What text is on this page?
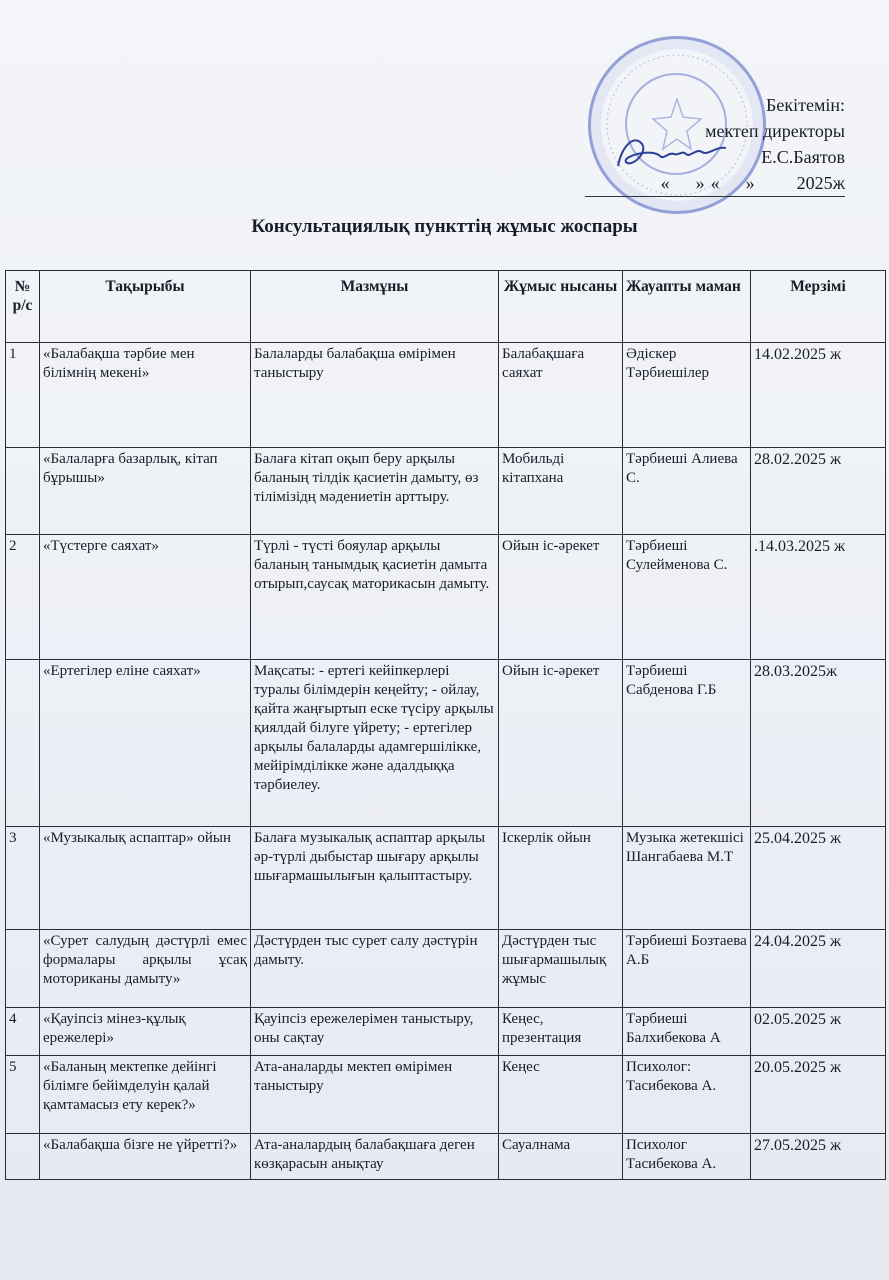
Бекітемін:
мектеп директоры
Е.С.Баятов
« » « » 2025ж
Консультациялық пункттің жұмыс жоспары
№ р/с	Тақырыбы	Мазмұны	Жұмыс нысаны	Жауапты маман	Мерзімі
1	«Балабақша тәрбие мен білімнің мекені»	Балаларды балабақша өмірімен таныстыру	Балабақшаға саяхат	Әдіскер Тәрбиешілер	14.02.2025 ж
	«Балаларға базарлық, кітап бұрышы»	Балаға кітап оқып беру арқылы баланың тілдік қасиетін дамыту, өз тілімізідң мәдениетін арттыру.	Мобильді кітапхана	Тәрбиеші Алиева С.	28.02.2025 ж
2	«Түстерге саяхат»	Түрлі - түсті бояулар арқылы баланың танымдық қасиетін дамыта отырып,саусақ маторикасын дамыту.	Ойын іс-әрекет	Тәрбиеші Сулейменова С.	.14.03.2025 ж
	«Ертегілер еліне саяхат»	Мақсаты: - ертегі кейіпкерлері туралы білімдерін кеңейту; - ойлау, қайта жаңғыртып еске түсіру арқылы қиялдай білуге үйрету; - ертегілер арқылы балаларды адамгершілікке, мейірімділікке және адалдыққа тәрбиелеу.	Ойын іс-әрекет	Тәрбиеші Сабденова Г.Б	28.03.2025ж
3	«Музыкалық аспаптар» ойын	Балаға музыкалық аспаптар арқылы әр-түрлі дыбыстар шығару арқылы шығармашылығын қалыптастыру.	Іскерлік ойын	Музыка жетекшісі Шангабаева М.Т	25.04.2025 ж
	«Сурет салудың дәстүрлі емес формалары арқылы ұсақ моториканы дамыту»	Дәстүрден тыс сурет салу дәстүрін дамыту.	Дәстүрден тыс шығармашылық жұмыс	Тәрбиеші Бозтаева А.Б	24.04.2025 ж
4	«Қауіпсіз мінез-құлық ережелері»	Қауіпсіз ережелерімен таныстыру, оны сақтау	Кеңес, презентация	Тәрбиеші Балхибекова А	02.05.2025 ж
5	«Баланың мектепке дейінгі білімге бейімделуін қалай қамтамасыз ету керек?»	Ата-аналарды мектеп өмірімен таныстыру	Кеңес	Психолог: Тасибекова А.	20.05.2025 ж
	«Балабақша бізге не үйретті?»	Ата-аналардың балабақшаға деген көзқарасын анықтау	Сауалнама	Психолог Тасибекова А.	27.05.2025 ж
